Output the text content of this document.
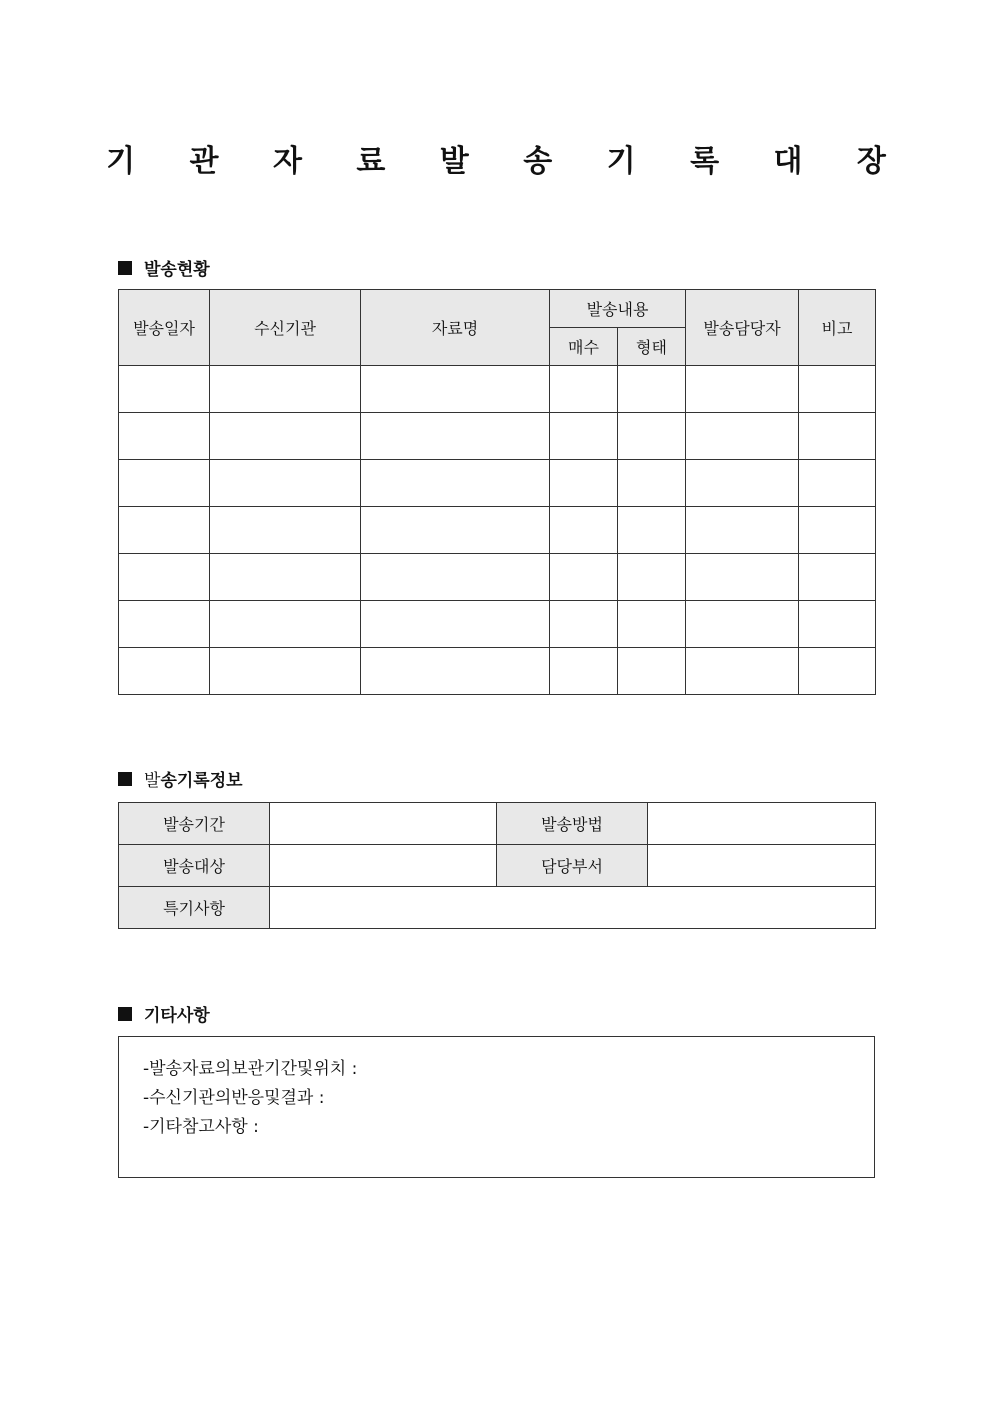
기 관 자 료 발 송 기 록 대 장
발송현황
발송일자	수신기관	자료명	발송내용		발송담당자	비고
			매수	형태		

발 송기록정보
발송기간		발송방법	
발송대상		담당부서	
특기사항			
기타사항
-발송자료의보관기간및위치 :
-수신기관의반응및결과 :
-기타참고사항 :
